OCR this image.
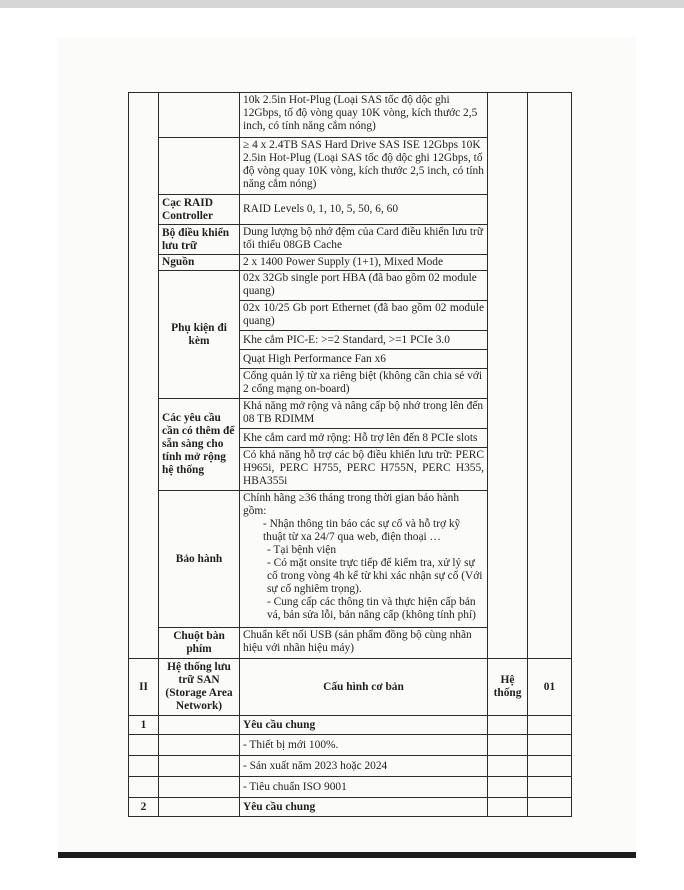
		10k 2.5in Hot-Plug (Loại SAS tốc độ dộc ghi 12Gbps, tố độ vòng quay 10K vòng, kích thước 2,5 inch, có tính năng cắm nóng)		
		≥ 4 x 2.4TB SAS Hard Drive SAS ISE 12Gbps 10K 2.5in Hot-Plug (Loại SAS tốc độ dộc ghi 12Gbps, tố độ vòng quay 10K vòng, kích thước 2,5 inch, có tính năng cắm nóng)		
	Cạc RAID Controller	RAID Levels 0, 1, 10, 5, 50, 6, 60		
	Bộ điều khiển lưu trữ	Dung lượng bộ nhớ đệm của Card điều khiển lưu trữ tối thiểu 08GB Cache		
	Nguồn	2 x 1400 Power Supply (1+1), Mixed Mode		
	Phụ kiện đi kèm	02x 32Gb single port HBA (đã bao gồm 02 module quang)		
		02x 10/25 Gb port Ethernet (đã bao gồm 02 module quang)		
		Khe cắm PIC-E: >=2 Standard, >=1 PCIe 3.0		
		Quạt High Performance Fan x6		
		Cổng quản lý từ xa riêng biệt (không cần chia sẻ với 2 cổng mạng on-board)		
	Các yêu cầu cần có thêm để sẵn sàng cho tính mở rộng hệ thống	Khả năng mở rộng và nâng cấp bộ nhớ trong lên đến 08 TB RDIMM		
		Khe cắm card mở rộng: Hỗ trợ lên đến 8 PCIe slots		
		Có khả năng hỗ trợ các bộ điều khiển lưu trữ: PERC H965i, PERC H755, PERC H755N, PERC H355, HBA355i		
	Bảo hành	Chính hãng ≥36 tháng trong thời gian bảo hành gồm:
- Nhận thông tin báo các sự cố và hỗ trợ kỹ thuật từ xa 24/7 qua web, điện thoại …
- Tại bệnh viện
- Có mặt onsite trực tiếp để kiểm tra, xử lý sự cố trong vòng 4h kể từ khi xác nhận sự cố (Với sự cố nghiêm trọng).
- Cung cấp các thông tin và thực hiện cấp bản vá, bản sửa lỗi, bản nâng cấp (không tính phí)		

	Chuột bàn phím	Chuẩn kết nối USB (sản phẩm đồng bộ cùng nhãn hiệu với nhãn hiệu máy)		
II	Hệ thống lưu trữ SAN (Storage Area Network)	Cấu hình cơ bản	Hệ thống	01
1		Yêu cầu chung		
		- Thiết bị mới 100%.		
		- Sản xuất năm 2023 hoặc 2024		
		- Tiêu chuẩn ISO 9001		
2		Yêu cầu chung		
